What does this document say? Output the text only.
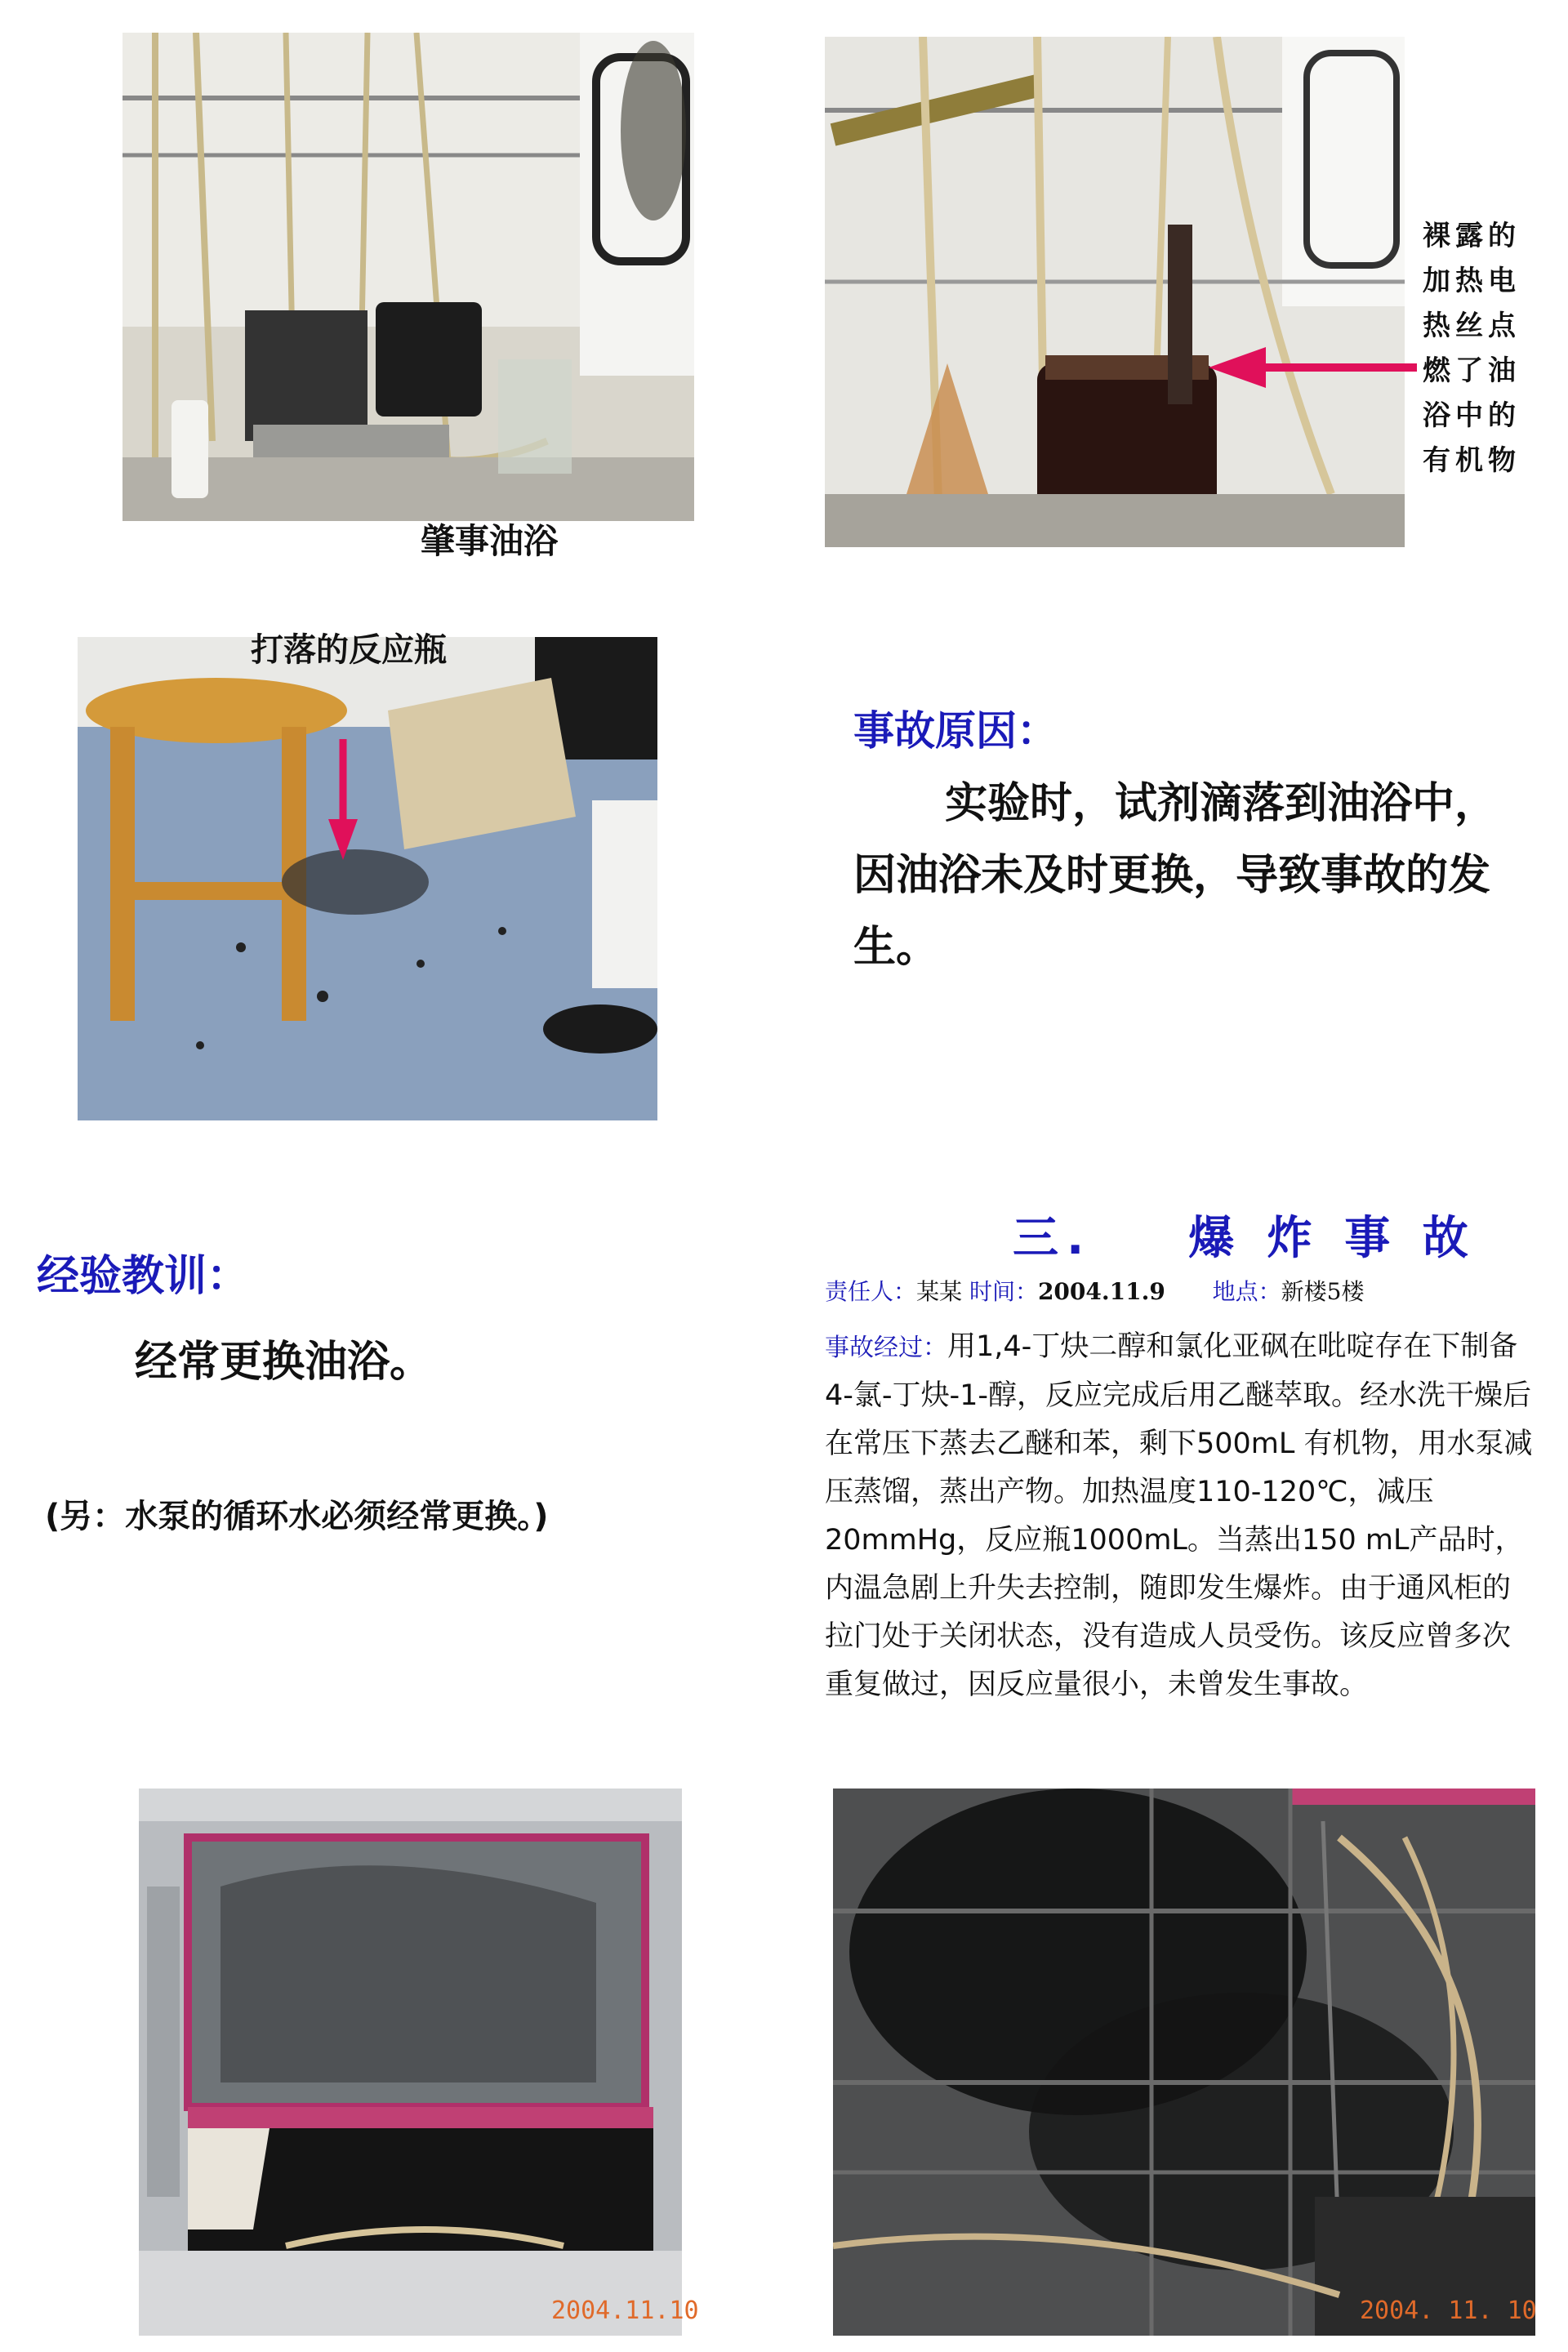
肇事油浴
裸露的加热电热丝点燃了油浴中的有机物
打落的反应瓶
事故原因：
实验时，试剂滴落到油浴中，因油浴未及时更换，导致事故的发生。
经验教训：
经常更换油浴。
(另：水泵的循环水必须经常更换。)
三.    爆 炸 事 故
责任人：某某 时间：2004.11.9 地点：新楼5楼
事故经过：用1,4-丁炔二醇和氯化亚砜在吡啶存在下制备4-氯-丁炔-1-醇，反应完成后用乙醚萃取。经水洗干燥后在常压下蒸去乙醚和苯，剩下500mL 有机物，用水泵减压蒸馏，蒸出产物。加热温度110-120℃，减压20mmHg，反应瓶1000mL。当蒸出150 mL产品时，内温急剧上升失去控制，随即发生爆炸。由于通风柜的拉门处于关闭状态，没有造成人员受伤。该反应曾多次重复做过，因反应量很小，未曾发生事故。
2004.11.10	2004. 11. 10
